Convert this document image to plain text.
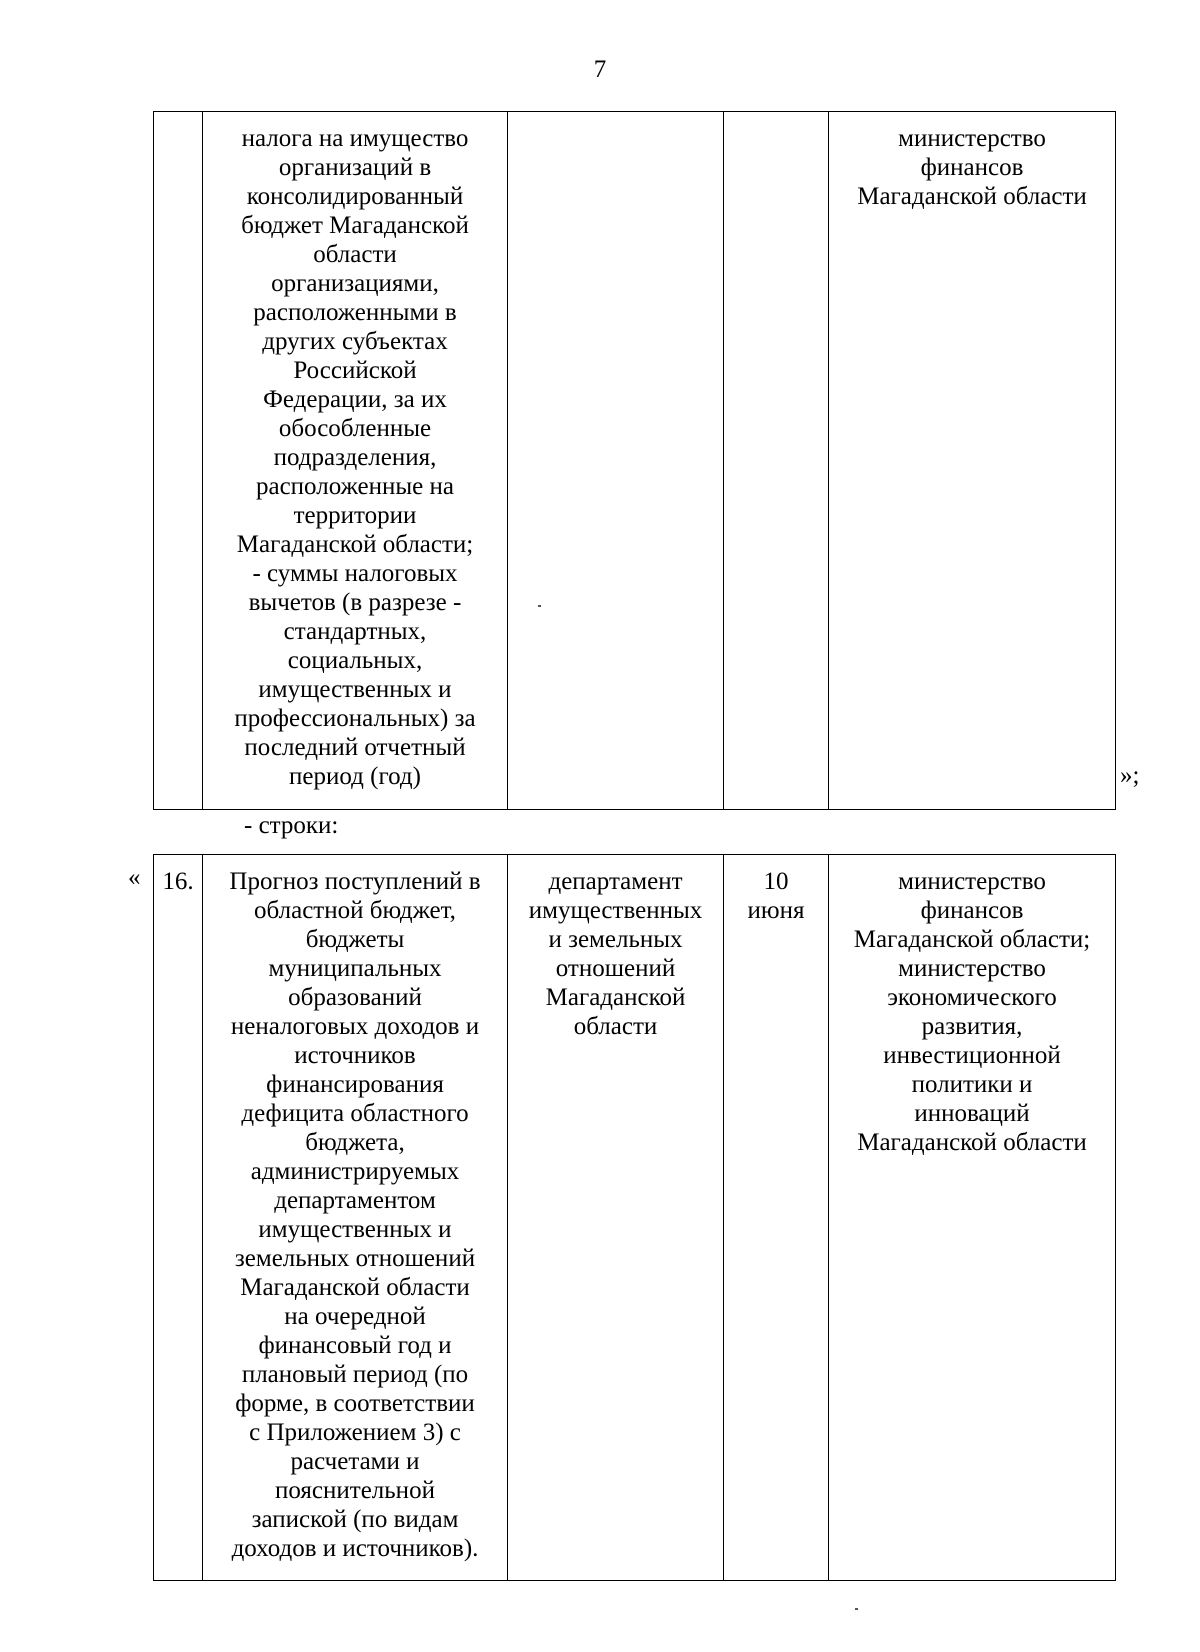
7
	налога на имущество
организаций в
консолидированный
бюджет Магаданской
области
организациями,
расположенными в
других субъектах
Российской
Федерации, за их
обособленные
подразделения,
расположенные на
территории
Магаданской области;
- суммы налоговых
вычетов (в разрезе -
стандартных,
социальных,
имущественных и
профессиональных) за
последний отчетный
период (год)			министерство
финансов
Магаданской области
»;
- строки:
« 16.	Прогноз поступлений в
областной бюджет,
бюджеты
муниципальных
образований
неналоговых доходов и
источников
финансирования
дефицита областного
бюджета,
администрируемых
департаментом
имущественных и
земельных отношений
Магаданской области
на очередной
финансовый год и
плановый период (по
форме, в соответствии
с Приложением 3) с
расчетами и
пояснительной
запиской (по видам
доходов и источников).	департамент
имущественных
и земельных
отношений
Магаданской
области	10
июня	министерство
финансов
Магаданской области;
министерство
экономического
развития,
инвестиционной
политики и
инноваций
Магаданской области
